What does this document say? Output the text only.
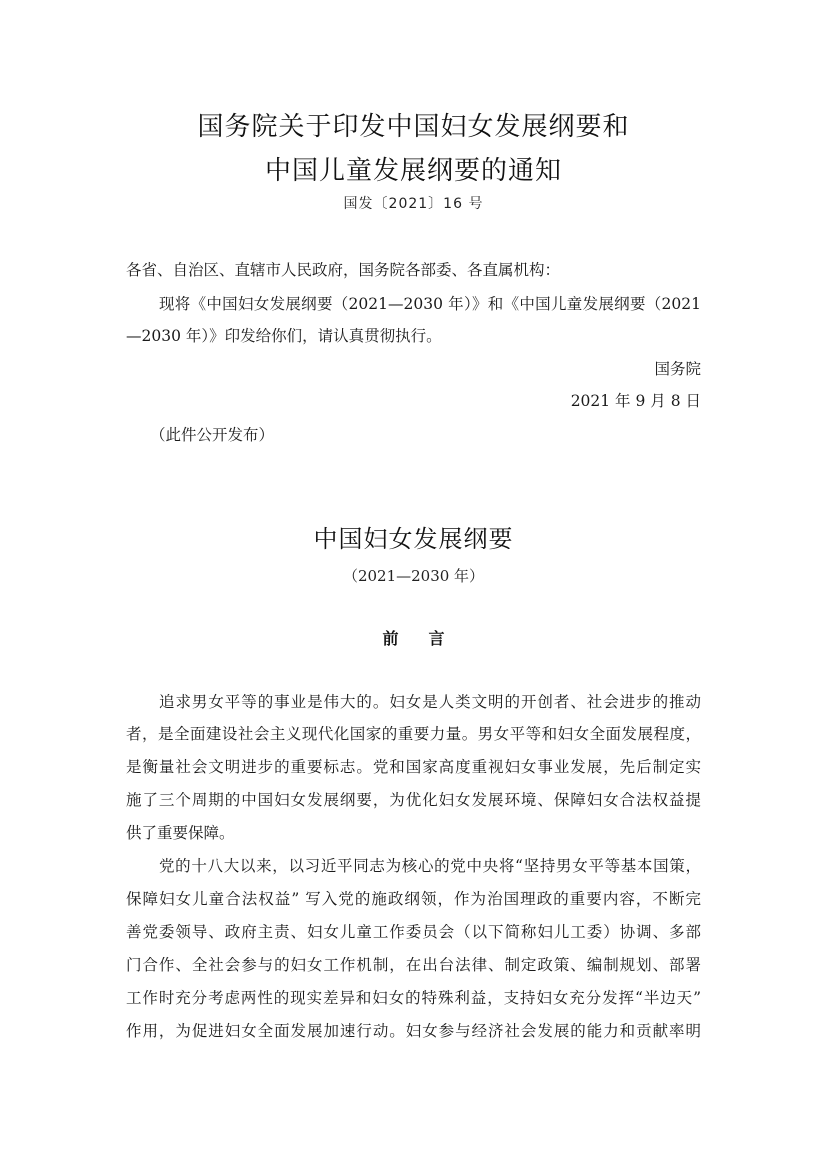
国务院关于印发中国妇女发展纲要和
中国儿童发展纲要的通知
国发〔2021〕16 号
各省、自治区、直辖市人民政府，国务院各部委、各直属机构：
现将《中国妇女发展纲要（2021—2030 年）》和《中国儿童发展纲要（2021
—2030 年）》印发给你们，请认真贯彻执行。
国务院
2021 年 9 月 8 日
（此件公开发布）
中国妇女发展纲要
（2021—2030 年）
前言
追求男女平等的事业是伟大的。妇女是人类文明的开创者、社会进步的推动
者，是全面建设社会主义现代化国家的重要力量。男女平等和妇女全面发展程度，
是衡量社会文明进步的重要标志。党和国家高度重视妇女事业发展，先后制定实
施了三个周期的中国妇女发展纲要，为优化妇女发展环境、保障妇女合法权益提
供了重要保障。
党的十八大以来，以习近平同志为核心的党中央将“坚持男女平等基本国策，
保障妇女儿童合法权益” 写入党的施政纲领，作为治国理政的重要内容，不断完
善党委领导、政府主责、妇女儿童工作委员会（以下简称妇儿工委）协调、多部
门合作、全社会参与的妇女工作机制，在出台法律、制定政策、编制规划、部署
工作时充分考虑两性的现实差异和妇女的特殊利益，支持妇女充分发挥“半边天”
作用，为促进妇女全面发展加速行动。妇女参与经济社会发展的能力和贡献率明
